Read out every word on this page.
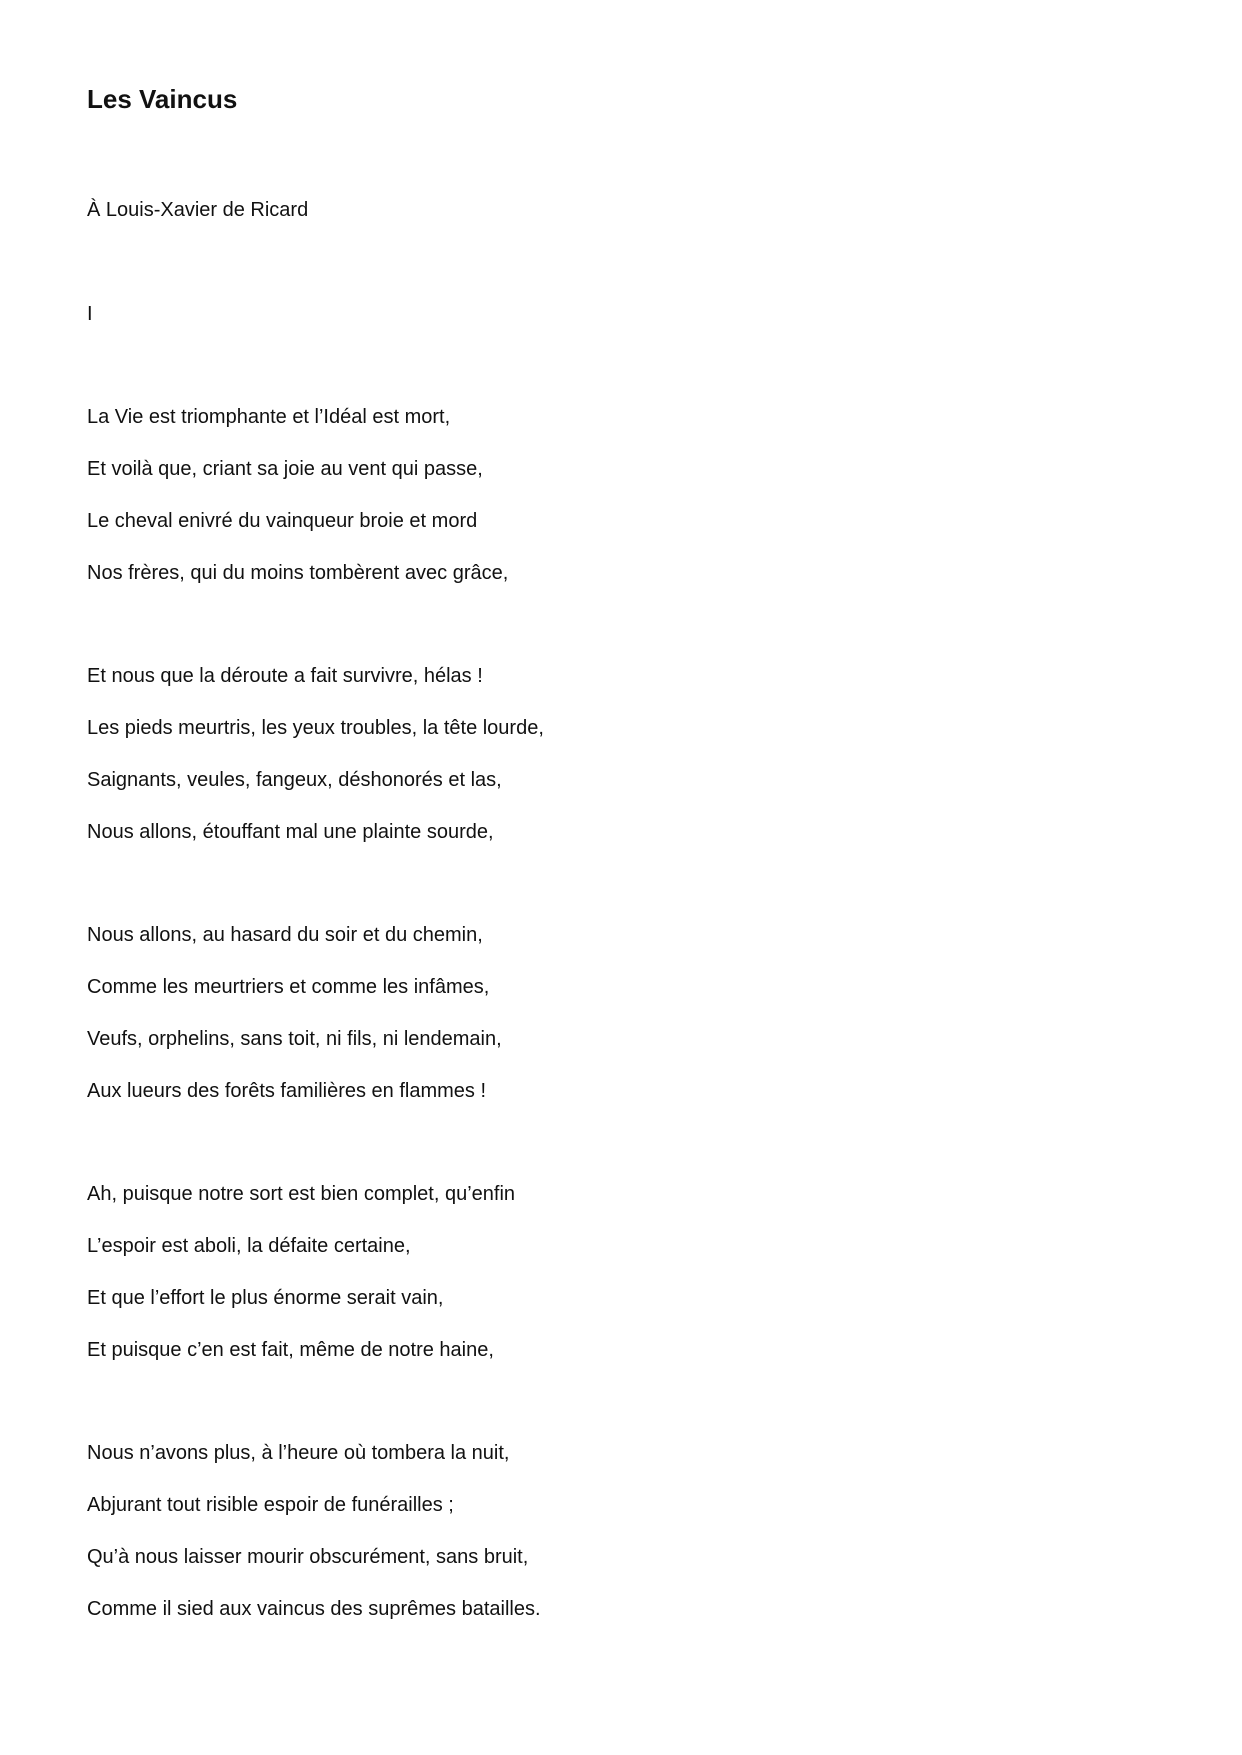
Les Vaincus
À Louis-Xavier de Ricard
I
La Vie est triomphante et l’Idéal est mort,
Et voilà que, criant sa joie au vent qui passe,
Le cheval enivré du vainqueur broie et mord
Nos frères, qui du moins tombèrent avec grâce,
Et nous que la déroute a fait survivre, hélas !
Les pieds meurtris, les yeux troubles, la tête lourde,
Saignants, veules, fangeux, déshonorés et las,
Nous allons, étouffant mal une plainte sourde,
Nous allons, au hasard du soir et du chemin,
Comme les meurtriers et comme les infâmes,
Veufs, orphelins, sans toit, ni fils, ni lendemain,
Aux lueurs des forêts familières en flammes !
Ah, puisque notre sort est bien complet, qu’enfin
L’espoir est aboli, la défaite certaine,
Et que l’effort le plus énorme serait vain,
Et puisque c’en est fait, même de notre haine,
Nous n’avons plus, à l’heure où tombera la nuit,
Abjurant tout risible espoir de funérailles ;
Qu’à nous laisser mourir obscurément, sans bruit,
Comme il sied aux vaincus des suprêmes batailles.
